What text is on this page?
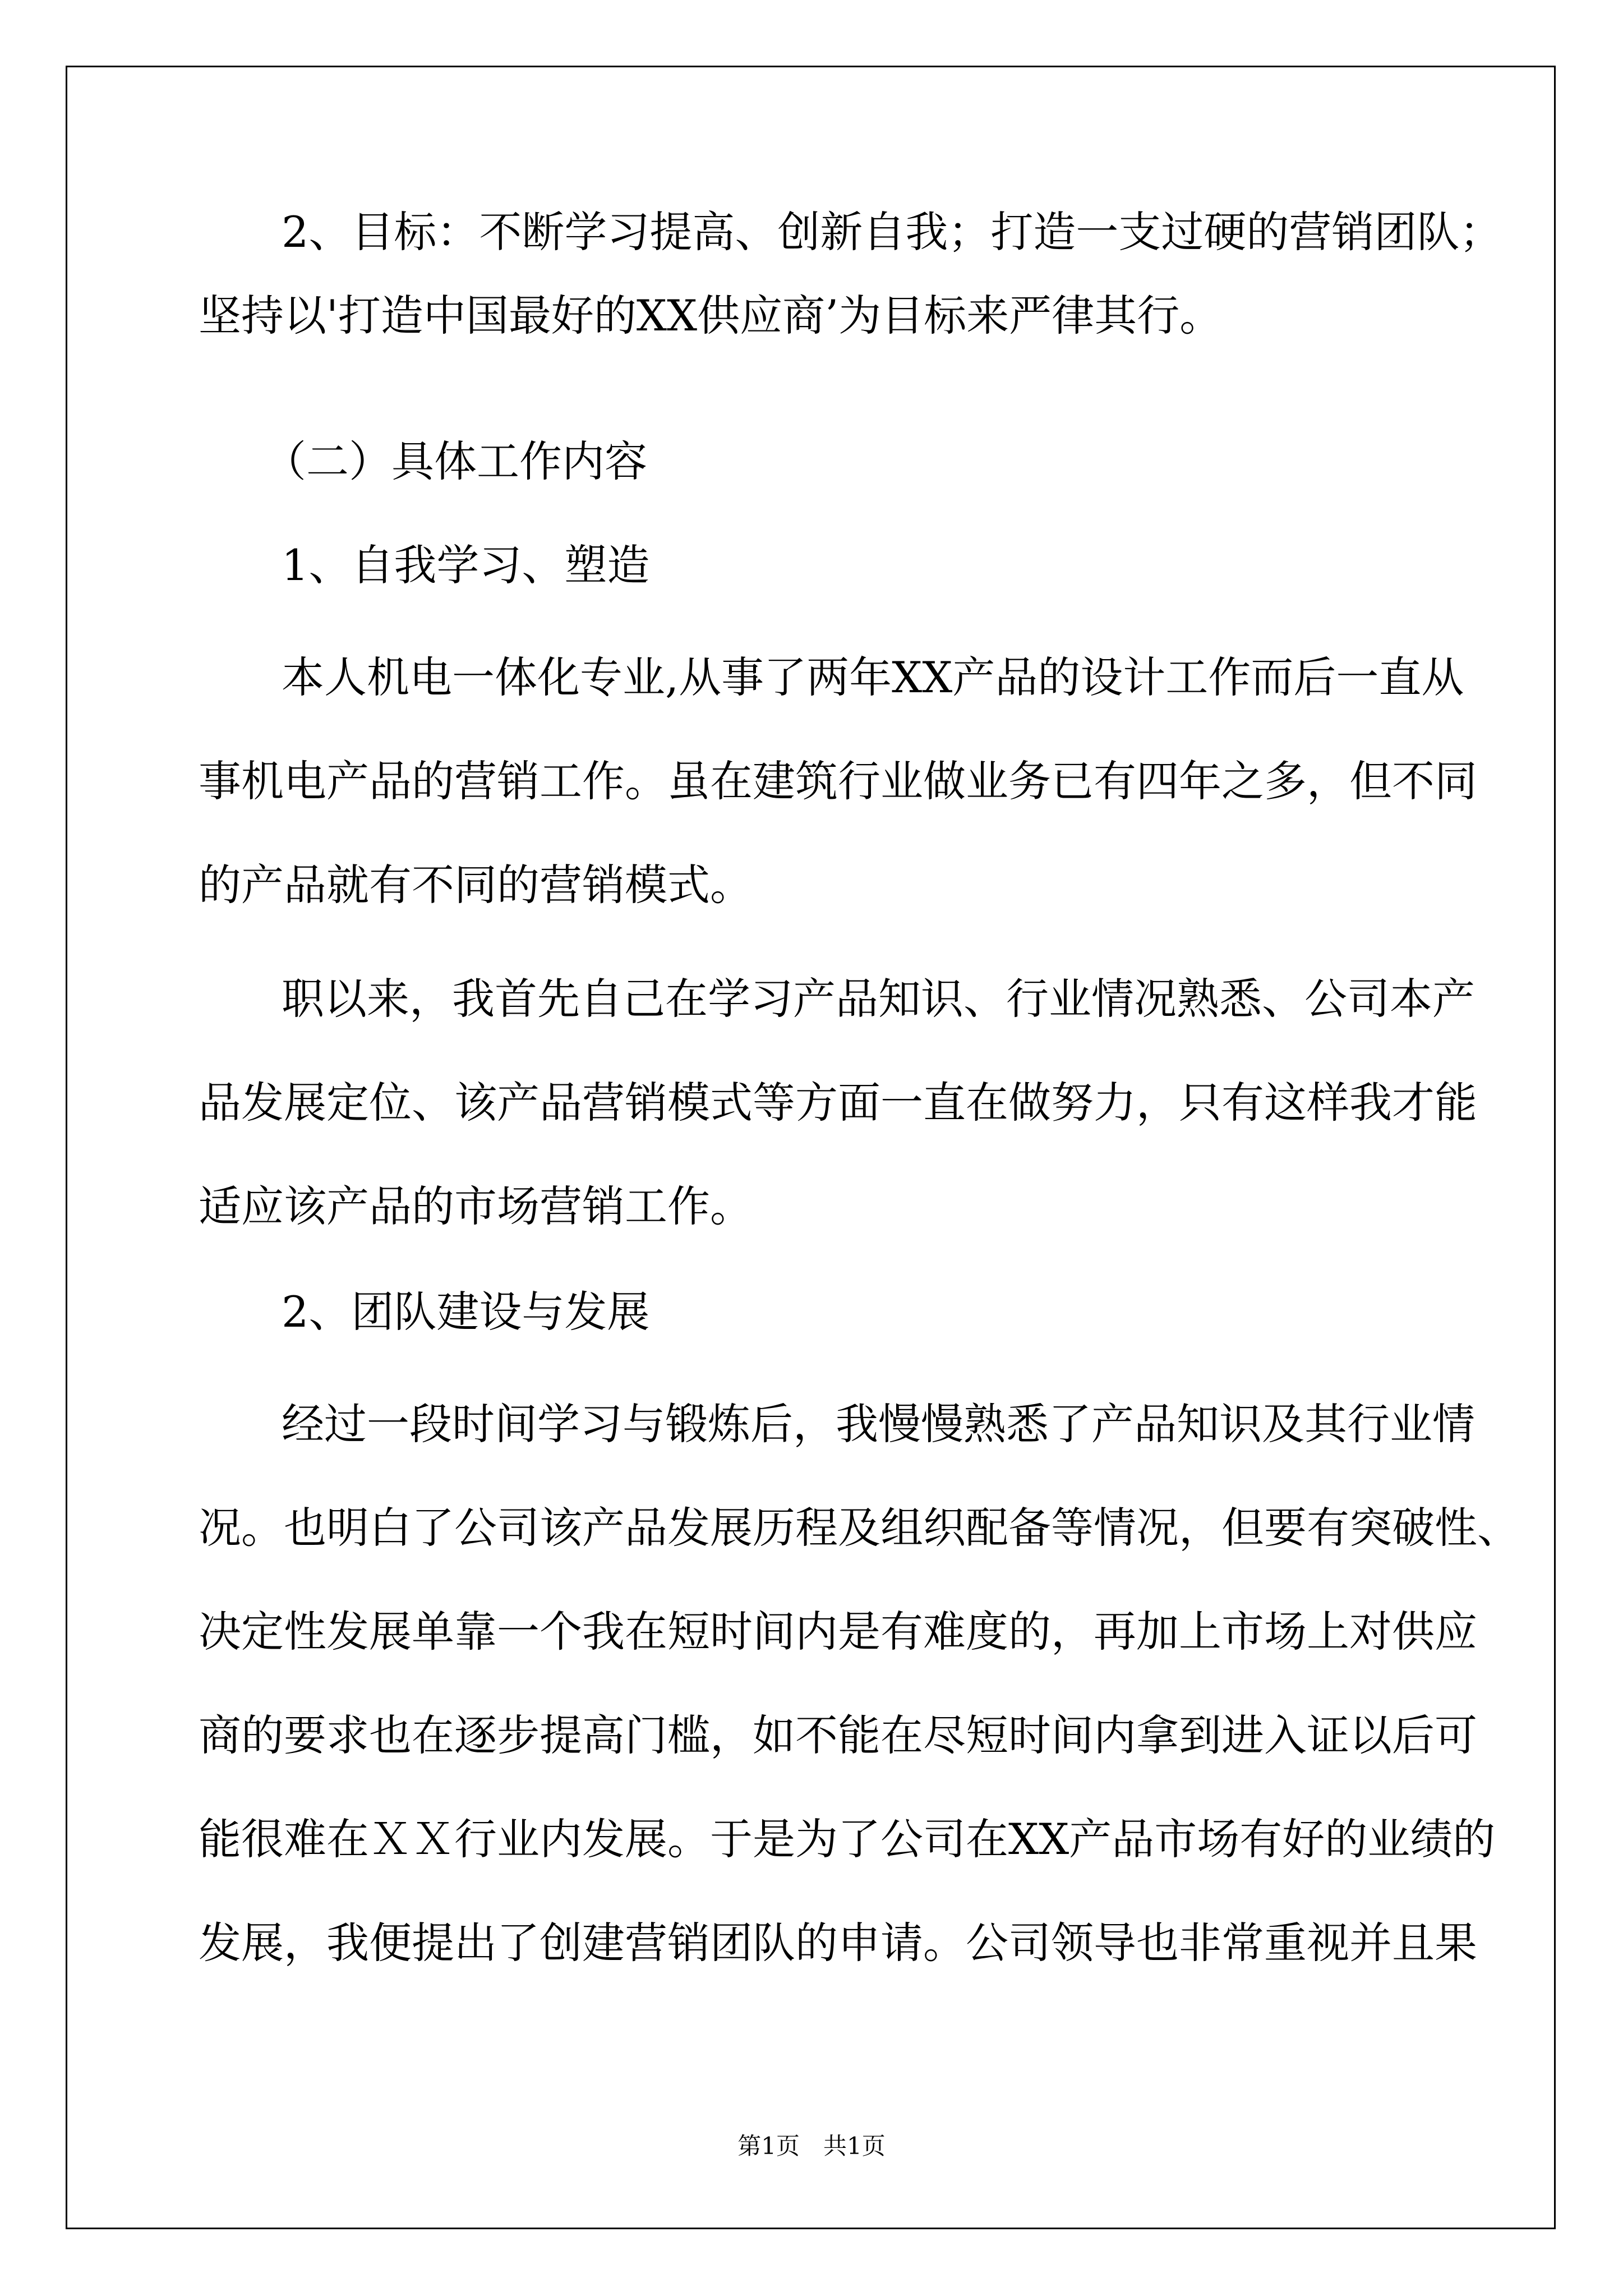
2、目标：不断学习提高、创新自我；打造一支过硬的营销团队；
坚持以'打造中国最好的XX供应商’为目标来严律其行。
（二）具体工作内容
1、自我学习、塑造
本人机电一体化专业,从事了两年XX产品的设计工作而后一直从
事机电产品的营销工作。虽在建筑行业做业务已有四年之多，但不同
的产品就有不同的营销模式。
职以来，我首先自己在学习产品知识、行业情况熟悉、公司本产
品发展定位、该产品营销模式等方面一直在做努力，只有这样我才能
适应该产品的市场营销工作。
2、团队建设与发展
经过一段时间学习与锻炼后，我慢慢熟悉了产品知识及其行业情
况。也明白了公司该产品发展历程及组织配备等情况，但要有突破性、
决定性发展单靠一个我在短时间内是有难度的，再加上市场上对供应
商的要求也在逐步提高门槛，如不能在尽短时间内拿到进入证以后可
能很难在ＸＸ行业内发展。于是为了公司在XX产品市场有好的业绩的
发展，我便提出了创建营销团队的申请。公司领导也非常重视并且果
第1页　共1页
